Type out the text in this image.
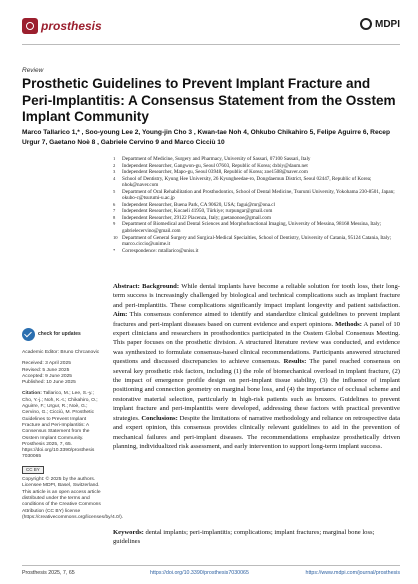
prosthesis	MDPI
Review
Prosthetic Guidelines to Prevent Implant Fracture and Peri-Implantitis: A Consensus Statement from the Osstem Implant Community

Marco Tallarico 1,* , Soo-young Lee 2, Young-jin Cho 3 , Kwan-tae Noh 4, Ohkubo Chikahiro 5, Felipe Aguirre 6, Recep Urgur 7, Gaetano Noè 8 , Gabriele Cervino 9 and Marco Cicciù 10

1 Department of Medicine, Surgery and Pharmacy, University of Sassari, 07100 Sassari, Italy
2 Independent Researcher, Gangwon-gu, Seoul 07603, Republic of Korea; dxbiy@daum.net
3 Independent Researcher, Mapo-gu, Seoul 03948, Republic of Korea; zoe1508@naver.com
4 School of Dentistry, Kyung Hee University, 26 Kyungheedae-ro, Dongdaemun District, Seoul 02447, Republic of Korea; nhok@naver.com
5 Department of Oral Rehabilitation and Prosthodontics, School of Dental Medicine, Tsurumi University, Yokohama 230-8501, Japan; okubo-c@tsurumi-u.ac.jp
6 Independent Researcher, Buena Park, CA 90620, USA; fagui@mr@ona.cl
7 Independent Researcher, Kocaeli 41950, Türkiye; rurpungar@gmail.com
8 Independent Researcher, 29122 Piacenza, Italy; gaetanonoe@gmail.com
9 Department of Biomedical and Dental Sciences and Morphofunctional Imaging, University of Messina, 98168 Messina, Italy; gabrielecervino@gmail.com
10 Department of General Surgery and Surgical-Medical Specialties, School of Dentistry, University of Catania, 95124 Catania, Italy; marco.ciccio@unime.it
* Correspondence: mtallarico@uniss.it
check for updates

Academic Editor: Bruno Chrcanovic

Received: 3 April 2025
Revised: 5 June 2025
Accepted: 9 June 2025
Published: 10 June 2025

Citation: Tallarico, M.; Lee, S.-y.; Cho, Y.-j.; Noh, K.-t.; Chikahiro, O.; Aguirre, F.; Urgur, R.; Noè, G.; Cervino, G.; Cicciù, M. Prosthetic Guidelines to Prevent Implant Fracture and Peri-Implantitis: A Consensus Statement from the Osstem Implant Community. Prosthesis 2025, 7, 65. https://doi.org/10.3390/prosthesis 7030065

CC BY

Copyright: © 2025 by the authors. Licensee MDPI, Basel, Switzerland. This article is an open access article distributed under the terms and conditions of the Creative Commons Attribution (CC BY) license (https://creativecommons.org/licenses/by/4.0/).

Abstract: Background: While dental implants have become a reliable solution for tooth loss, their long-term success is increasingly challenged by biological and technical complications such as implant fracture and peri-implantitis. These complications significantly impact implant longevity and patient satisfaction. Aim: This consensus conference aimed to identify and standardize clinical guidelines to prevent implant fractures and peri-implant diseases based on current evidence and expert opinions. Methods: A panel of 10 expert clinicians and researchers in prosthodontics participated in the Osstem Global Consensus Meeting. This paper focuses on the prosthetic division. A structured literature review was conducted, and evidence was synthesized to formulate consensus-based clinical recommendations. Participants answered structured questions and discussed discrepancies to achieve consensus. Results: The panel reached consensus on several key prosthetic risk factors, including (1) the role of biomechanical overload in implant fracture, (2) the impact of emergence profile design on peri-implant tissue stability, (3) the influence of implant positioning and connection geometry on marginal bone loss, and (4) the importance of occlusal scheme and restorative material selection, particularly in high-risk patients such as bruxers. Guidelines to prevent implant fracture and peri-implantitis were developed, addressing these factors with practical preventive strategies. Conclusions: Despite the limitations of narrative methodology and reliance on retrospective data and expert opinion, this consensus provides clinically relevant guidelines to aid in the prevention of mechanical failures and peri-implant diseases. The recommendations emphasize prosthetically driven planning, individualized risk assessment, and early intervention to support long-term implant success.

Keywords: dental implants; peri-implantitis; complications; implant fractures; marginal bone loss; guidelines

Prosthesis 2025, 7, 65	https://doi.org/10.3390/prosthesis7030065	https://www.mdpi.com/journal/prosthesis
